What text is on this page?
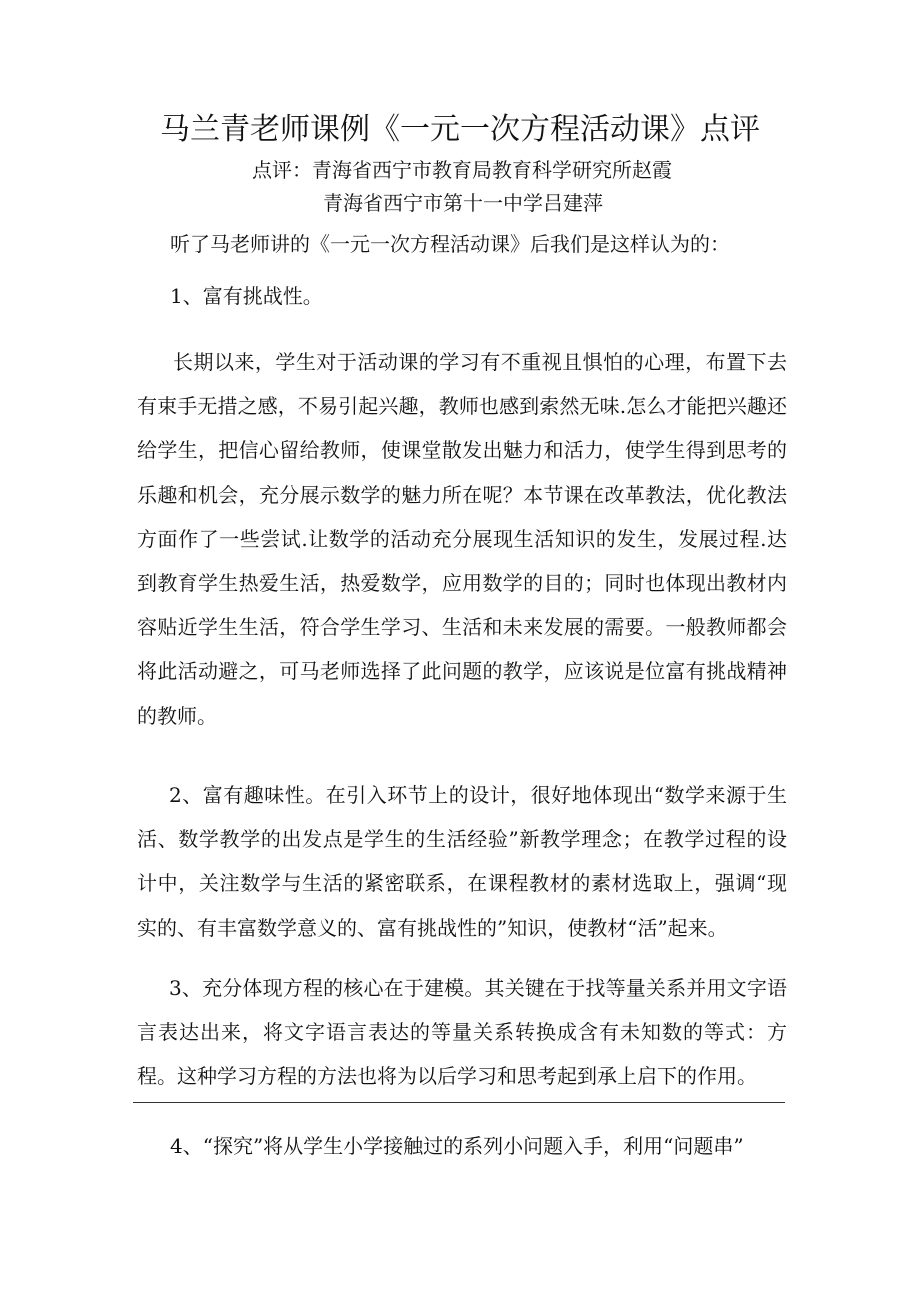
马兰青老师课例《一元一次方程活动课》点评
点评：青海省西宁市教育局教育科学研究所赵霞
青海省西宁市第十一中学吕建萍
听了马老师讲的《一元一次方程活动课》后我们是这样认为的：
1、富有挑战性。

长期以来，学生对于活动课的学习有不重视且惧怕的心理，布置下去有束手无措之感，不易引起兴趣，教师也感到索然无味.怎么才能把兴趣还给学生，把信心留给教师，使课堂散发出魅力和活力，使学生得到思考的乐趣和机会，充分展示数学的魅力所在呢？本节课在改革教法，优化教法方面作了一些尝试.让数学的活动充分展现生活知识的发生，发展过程.达到教育学生热爱生活，热爱数学，应用数学的目的；同时也体现出教材内容贴近学生生活，符合学生学习、生活和未来发展的需要。一般教师都会将此活动避之，可马老师选择了此问题的教学，应该说是位富有挑战精神的教师。

2、富有趣味性。在引入环节上的设计，很好地体现出“数学来源于生活、数学教学的出发点是学生的生活经验”新教学理念；在教学过程的设计中，关注数学与生活的紧密联系，在课程教材的素材选取上，强调“现实的、有丰富数学意义的、富有挑战性的”知识，使教材“活”起来。

3、充分体现方程的核心在于建模。其关键在于找等量关系并用文字语言表达出来，将文字语言表达的等量关系转换成含有未知数的等式：方程。这种学习方程的方法也将为以后学习和思考起到承上启下的作用。

4、“探究”将从学生小学接触过的系列小问题入手，利用“问题串”
